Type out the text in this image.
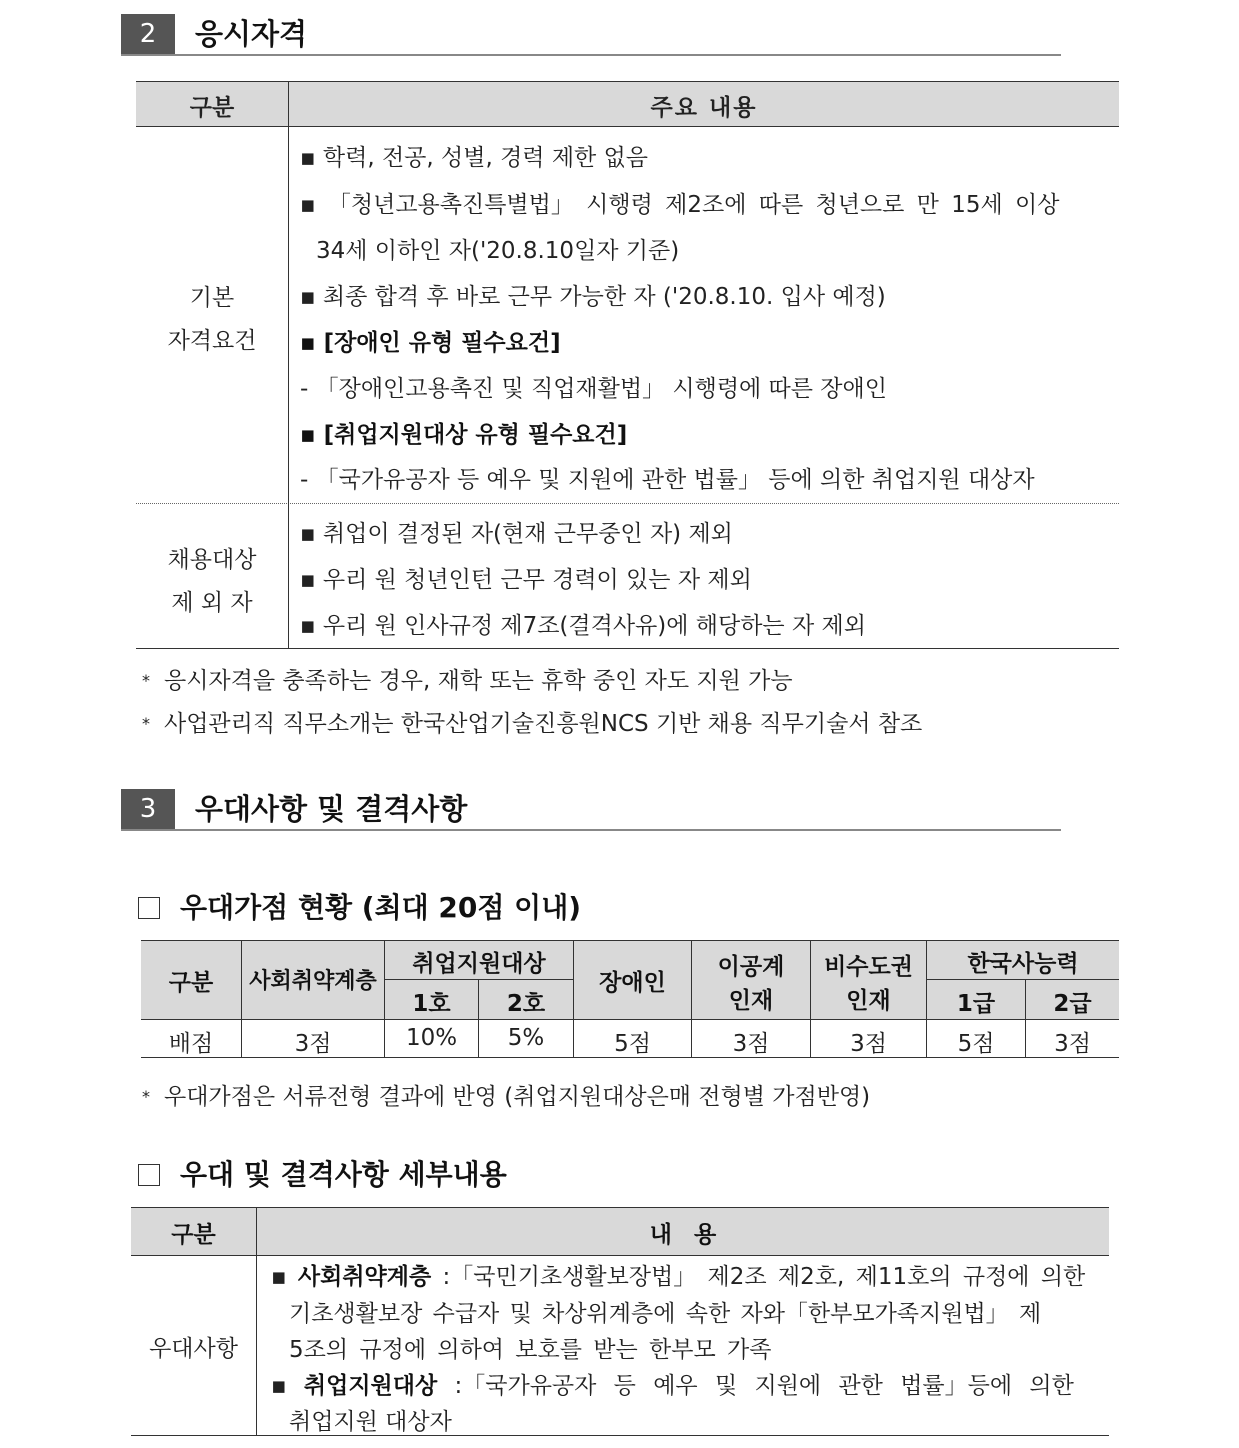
2	응시자격
구분	주요 내용
기본
자격요건
▪ 학력, 전공, 성별, 경력 제한 없음
▪ 「청년고용촉진특별법」 시행령 제2조에 따른 청년으로 만 15세 이상
34세 이하인 자('20.8.10일자 기준)
▪ 최종 합격 후 바로 근무 가능한 자 ('20.8.10. 입사 예정)
▪ [장애인 유형 필수요건]
- 「장애인고용촉진 및 직업재활법」 시행령에 따른 장애인
▪ [취업지원대상 유형 필수요건]
- 「국가유공자 등 예우 및 지원에 관한 법률」 등에 의한 취업지원 대상자
채용대상
제 외 자
▪ 취업이 결정된 자(현재 근무중인 자) 제외
▪ 우리 원 청년인턴 근무 경력이 있는 자 제외
▪ 우리 원 인사규정 제7조(결격사유)에 해당하는 자 제외
* 응시자격을 충족하는 경우, 재학 또는 휴학 중인 자도 지원 가능
* 사업관리직 직무소개는 한국산업기술진흥원NCS 기반 채용 직무기술서 참조
3	우대사항 및 결격사항
우대가점 현황 (최대 20점 이내)
구분	사회취약계층
취업지원대상
1호	2호
장애인
이공계
인재
비수도권
인재
한국사능력
1급	2급
배점	3점	10%	5%	5점	3점	3점	5점	3점
* 우대가점은 서류전형 결과에 반영 (취업지원대상은매 전형별 가점반영)
우대 및 결격사항 세부내용
구분	내 용
우대사항
▪ 사회취약계층 :「국민기초생활보장법」 제2조 제2호, 제11호의 규정에 의한
기초생활보장 수급자 및 차상위계층에 속한 자와「한부모가족지원법」 제
5조의 규정에 의하여 보호를 받는 한부모 가족
▪ 취업지원대상 :「국가유공자 등 예우 및 지원에 관한 법률」등에 의한
취업지원 대상자
